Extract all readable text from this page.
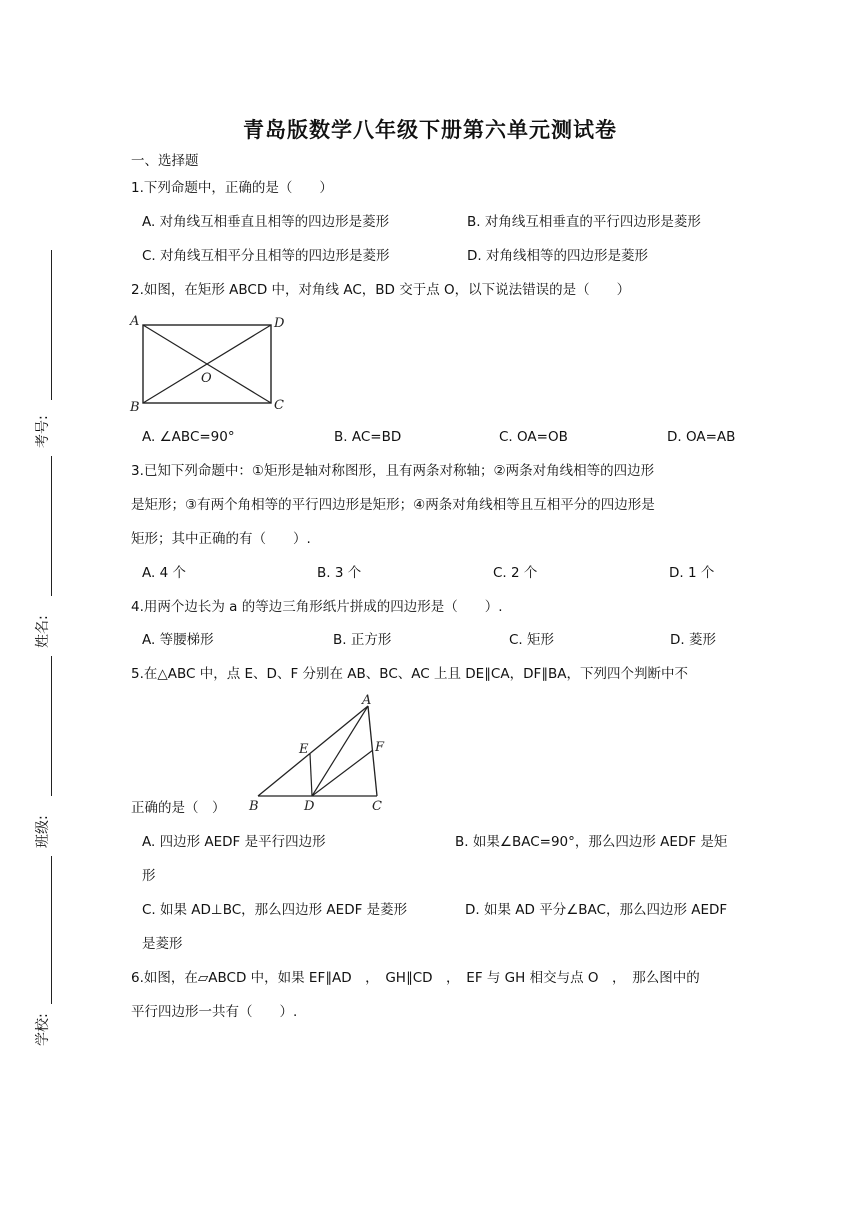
青岛版数学八年级下册第六单元测试卷
考号:
姓名:
班级:
学校:
一、选择题
1.下列命题中，正确的是（　　）
A. 对角线互相垂直且相等的四边形是菱形	B. 对角线互相垂直的平行四边形是菱形
C. 对角线互相平分且相等的四边形是菱形	D. 对角线相等的四边形是菱形
2.如图，在矩形 ABCD 中，对角线 AC，BD 交于点 O，以下说法错误的是（　　）
A	D
O
B	C
A. ∠ABC=90°	B. AC=BD	C. OA=OB	D. OA=AB
3.已知下列命题中：①矩形是轴对称图形，且有两条对称轴；②两条对角线相等的四边形
是矩形；③有两个角相等的平行四边形是矩形；④两条对角线相等且互相平分的四边形是
矩形；其中正确的有（　　）.
A. 4 个	B. 3 个	C. 2 个	D. 1 个
4.用两个边长为 a 的等边三角形纸片拼成的四边形是（　　）.
A. 等腰梯形	B. 正方形	C. 矩形	D. 菱形
5.在△ABC 中，点 E、D、F 分别在 AB、BC、AC 上且 DE∥CA，DF∥BA，下列四个判断中不
A
E	F
B	D	C
正确的是（　）
A. 四边形 AEDF 是平行四边形	B. 如果∠BAC=90°，那么四边形 AEDF 是矩
形
C. 如果 AD⊥BC，那么四边形 AEDF 是菱形	D. 如果 AD 平分∠BAC，那么四边形 AEDF
是菱形
6.如图，在▱ABCD 中，如果 EF∥AD　，　GH∥CD　，　EF 与 GH 相交与点 O　，　那么图中的
平行四边形一共有（　　）.
